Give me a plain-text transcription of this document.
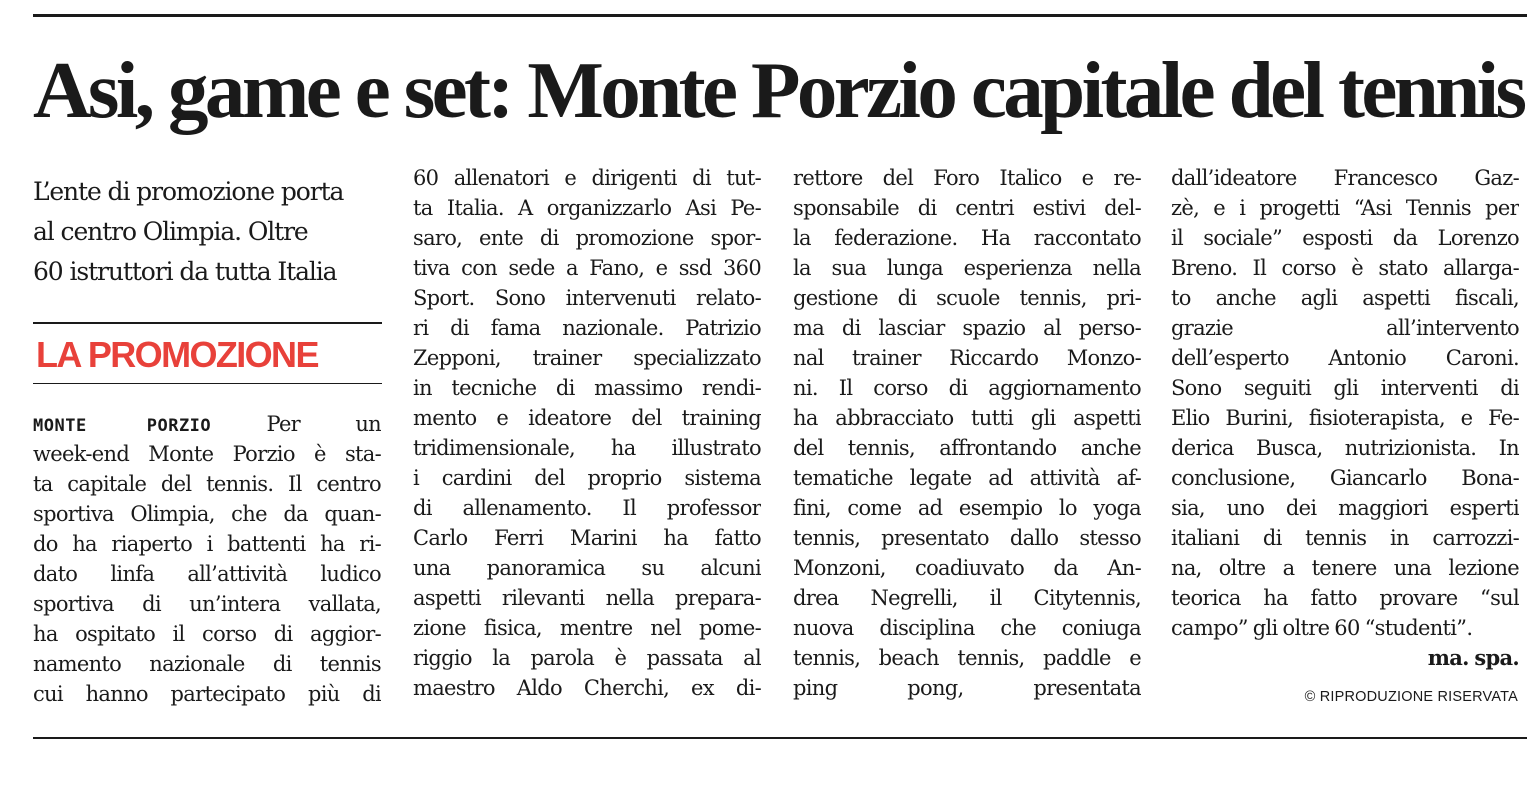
Asi, game e set: Monte Porzio capitale del tennis
L’ente di promozione porta
al centro Olimpia. Oltre
60 istruttori da tutta Italia
LA PROMOZIONE
MONTE PORZIO	Per un
week-end Monte Porzio è sta-
ta capitale del tennis. Il centro
sportiva Olimpia, che da quan-
do ha riaperto i battenti ha ri-
dato linfa all’attività ludico
sportiva di un’intera vallata,
ha ospitato il corso di aggior-
namento nazionale di tennis
cui hanno partecipato più di
60 allenatori e dirigenti di tut-
ta Italia. A organizzarlo Asi Pe-
saro, ente di promozione spor-
tiva con sede a Fano, e ssd 360
Sport. Sono intervenuti relato-
ri di fama nazionale. Patrizio
Zepponi, trainer specializzato
in tecniche di massimo rendi-
mento e ideatore del training
tridimensionale, ha illustrato
i cardini del proprio sistema
di allenamento. Il professor
Carlo Ferri Marini ha fatto
una panoramica su alcuni
aspetti rilevanti nella prepara-
zione fisica, mentre nel pome-
riggio la parola è passata al
maestro Aldo Cherchi, ex di-
rettore del Foro Italico e re-
sponsabile di centri estivi del-
la federazione. Ha raccontato
la sua lunga esperienza nella
gestione di scuole tennis, pri-
ma di lasciar spazio al perso-
nal trainer Riccardo Monzo-
ni. Il corso di aggiornamento
ha abbracciato tutti gli aspetti
del tennis, affrontando anche
tematiche legate ad attività af-
fini, come ad esempio lo yoga
tennis, presentato dallo stesso
Monzoni, coadiuvato da An-
drea Negrelli, il Citytennis,
nuova disciplina che coniuga
tennis, beach tennis, paddle e
ping pong, presentata
dall’ideatore Francesco Gaz-
zè, e i progetti “Asi Tennis per
il sociale” esposti da Lorenzo
Breno. Il corso è stato allarga-
to anche agli aspetti fiscali,
grazie all’intervento
dell’esperto Antonio Caroni.
Sono seguiti gli interventi di
Elio Burini, fisioterapista, e Fe-
derica Busca, nutrizionista. In
conclusione, Giancarlo Bona-
sia, uno dei maggiori esperti
italiani di tennis in carrozzi-
na, oltre a tenere una lezione
teorica ha fatto provare “sul
campo” gli oltre 60 “studenti”.
ma. spa.
© RIPRODUZIONE RISERVATA
